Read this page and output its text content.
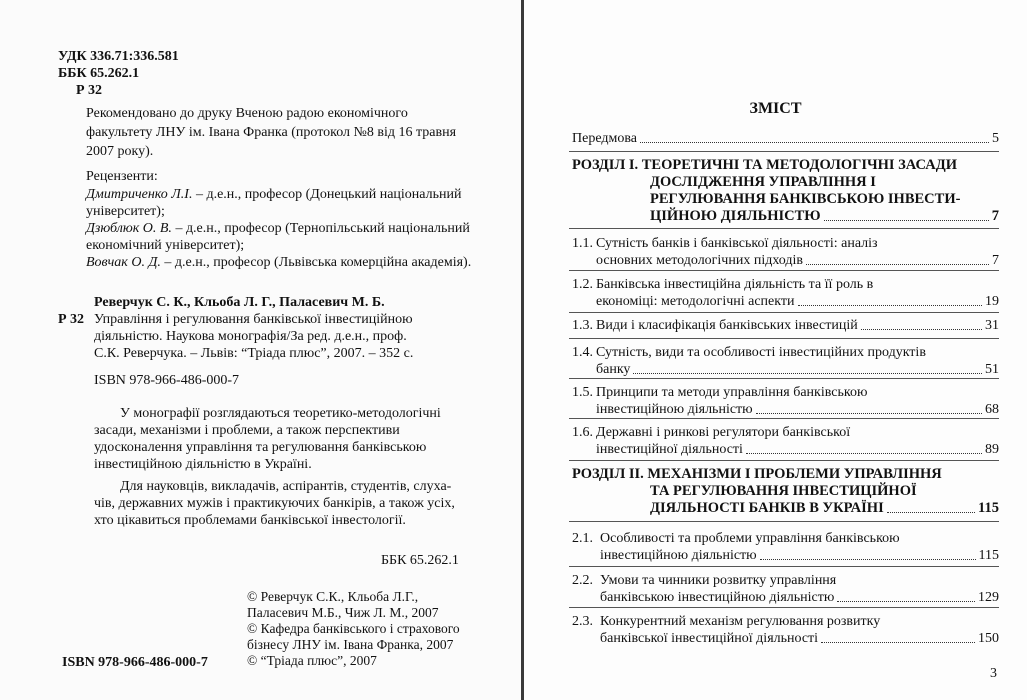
УДК 336.71:336.581

ББК 65.262.1

Р 32

Рекомендовано до друку Вченою радою економічного

факультету ЛНУ ім. Івана Франка (протокол №8 від 16 травня

2007 року).

Рецензенти:

Дмитриченко Л.І. – д.е.н., професор (Донецький національний

університет);

Дзюблюк О. В. – д.е.н., професор (Тернопільський національний

економічний університет);

Вовчак О. Д. – д.е.н., професор (Львівська комерційна академія).

Реверчук С. К., Кльоба Л. Г., Паласевич М. Б.

Р 32 Управління і регулювання банківської інвестиційною

діяльністю. Наукова монографія/За ред. д.е.н., проф.

С.К. Реверчука. – Львів: “Тріада плюс”, 2007. – 352 с.

ISBN 978-966-486-000-7

У монографії розглядаються теоретико-методологічні

засади, механізми і проблеми, а також перспективи

удосконалення управління та регулювання банківською

інвестиційною діяльністю в Україні.

Для науковців, викладачів, аспірантів, студентів, слуха-

чів, державних мужів і практикуючих банкірів, а також усіх,

хто цікавиться проблемами банківської інвестології.

ББК 65.262.1

© Реверчук С.К., Кльоба Л.Г.,

Паласевич М.Б., Чиж Л. М., 2007

© Кафедра банківського і страхового

бізнесу ЛНУ ім. Івана Франка, 2007

© “Тріада плюс”, 2007

ISBN 978-966-486-000-7

ЗМІСТ
Передмова	5
РОЗДІЛ І. ТЕОРЕТИЧНІ ТА МЕТОДОЛОГІЧНІ ЗАСАДИ
ДОСЛІДЖЕННЯ УПРАВЛІННЯ І
РЕГУЛЮВАННЯ БАНКІВСЬКОЮ ІНВЕСТИ-
ЦІЙНОЮ ДІЯЛЬНІСТЮ	7
1.1. Сутність банків і банківської діяльності: аналіз
основних методологічних підходів	7
1.2. Банківська інвестиційна діяльність та її роль в
економіці: методологічні аспекти	19
1.3. Види і класифікація банківських інвестицій	31
1.4. Сутність, види та особливості інвестиційних продуктів
банку	51
1.5. Принципи та методи управління банківською
інвестиційною діяльністю	68
1.6. Державні і ринкові регулятори банківської
інвестиційної діяльності	89
РОЗДІЛ ІІ. МЕХАНІЗМИ І ПРОБЛЕМИ УПРАВЛІННЯ
ТА РЕГУЛЮВАННЯ ІНВЕСТИЦІЙНОЇ
ДІЯЛЬНОСТІ БАНКІВ В УКРАЇНІ	115
2.1. Особливості та проблеми управління банківською
інвестиційною діяльністю	115
2.2. Умови та чинники розвитку управління
банківською інвестиційною діяльністю	129
2.3. Конкурентний механізм регулювання розвитку
банківської інвестиційної діяльності	150
3
